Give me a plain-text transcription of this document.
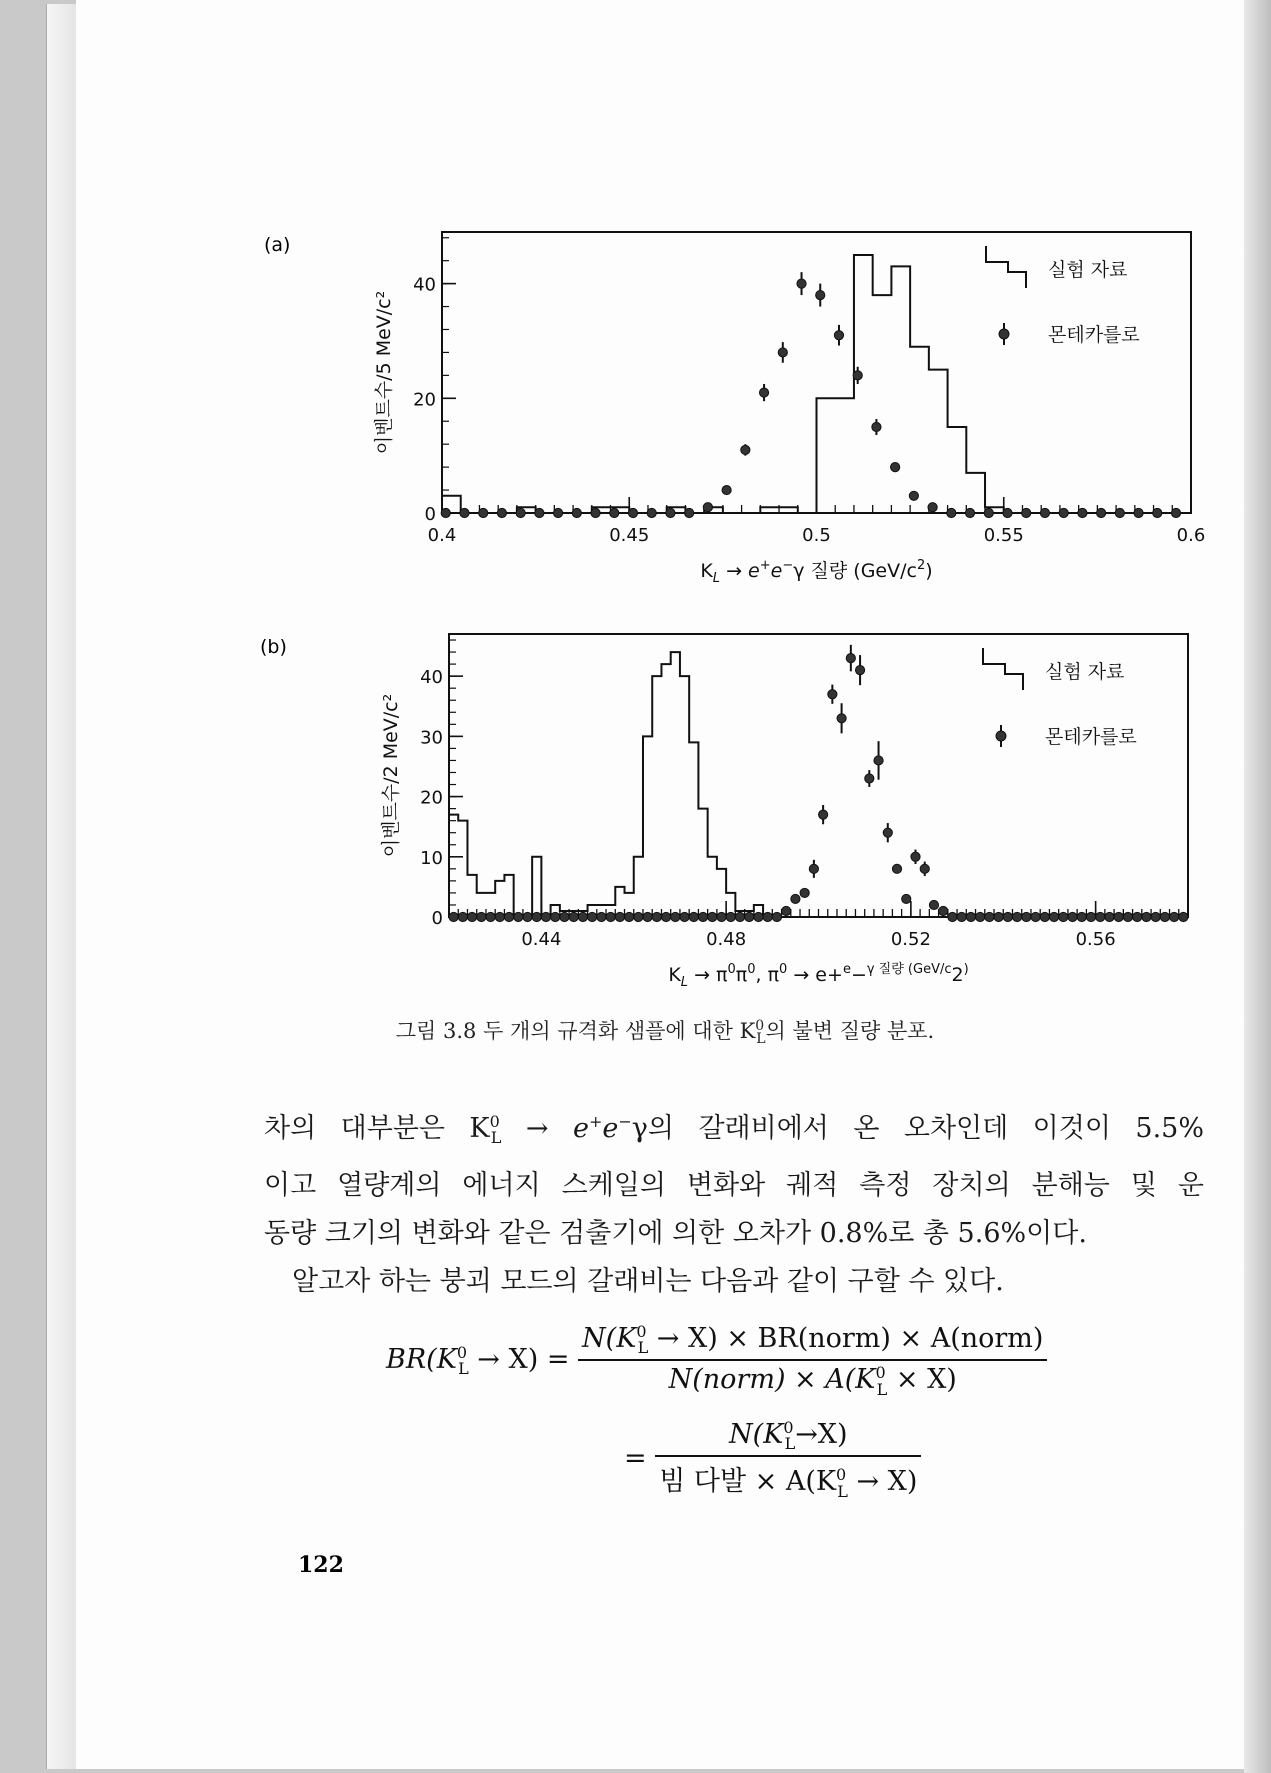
(a)
0.4	0.45	0.5	0.55	0.6
0
20
40
이벤트수/5 MeV/c²
$K_L \to e^+e^-\gamma$ 질량 $(GeV/c^2)$
실험 자료
몬테카를로
(b)
0.44	0.48	0.52	0.56
0
10
20
30
40
이벤트수/2 MeV/c²
$K_L \to \pi^0\pi^0$, $\pi^0 \to e+^e-^{\gamma 질량 (GeV/c}2^)$
실험 자료
몬테카를로
그림 3.8 두 개의 규격화 샘플에 대한 $K^0_L$의 불변 질량 분포.

차의 대부분은 $K^0_L \to e^+e^-\gamma$의 갈래비에서 온 오차인데 이것이 5.5%

이고 열량계의 에너지 스케일의 변화와 궤적 측정 장치의 분해능 및 운

동량 크기의 변화와 같은 검출기에 의한 오차가 0.8%로 총 5.6%이다.

알고자 하는 붕괴 모드의 갈래비는 다음과 같이 구할 수 있다.

$BR(K^0_L \to X) = \frac{N(K^0_L \to X) \times BR(norm) \times A(norm)}{N(norm) \times A(K^0_L \times X)}$
= $\frac{N(K^0_L\to X)}{빔 다발 \times A(K^0_L \to X)}$
122
